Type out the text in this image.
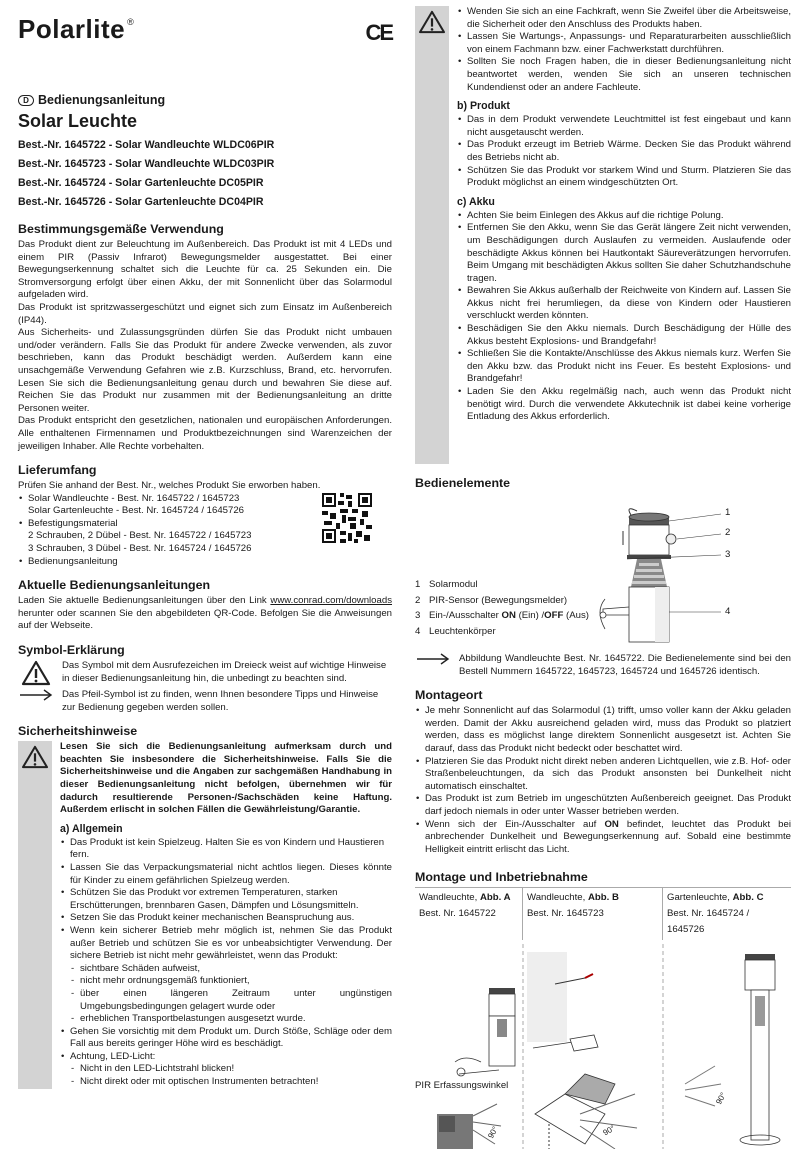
Polarlite®	CE
D Bedienungsanleitung
Solar Leuchte
Best.-Nr. 1645722 - Solar Wandleuchte WLDC06PIR
Best.-Nr. 1645723 - Solar Wandleuchte WLDC03PIR
Best.-Nr. 1645724 - Solar Gartenleuchte DC05PIR
Best.-Nr. 1645726 - Solar Gartenleuchte DC04PIR
Bestimmungsgemäße Verwendung

Das Produkt dient zur Beleuchtung im Außenbereich. Das Produkt ist mit 4 LEDs und einem PIR (Passiv Infrarot) Bewegungsmelder ausgestattet. Bei einer Bewegungserkennung schaltet sich die Leuchte für ca. 25 Sekunden ein. Die Stromversorgung erfolgt über einen Akku, der mit Sonnenlicht über das Solarmodul aufgeladen wird.

Das Produkt ist spritzwassergeschützt und eignet sich zum Einsatz im Außenbereich (IP44).

Aus Sicherheits- und Zulassungsgründen dürfen Sie das Produkt nicht umbauen und/oder verändern. Falls Sie das Produkt für andere Zwecke verwenden, als zuvor beschrieben, kann das Produkt beschädigt werden. Außerdem kann eine unsachgemäße Verwendung Gefahren wie z.B. Kurzschluss, Brand, etc. hervorrufen. Lesen Sie sich die Bedienungsanleitung genau durch und bewahren Sie diese auf. Reichen Sie das Produkt nur zusammen mit der Bedienungsanleitung an dritte Personen weiter.

Das Produkt entspricht den gesetzlichen, nationalen und europäischen Anforderungen. Alle enthaltenen Firmennamen und Produktbezeichnungen sind Warenzeichen der jeweiligen Inhaber. Alle Rechte vorbehalten.

Lieferumfang

Prüfen Sie anhand der Best. Nr., welches Produkt Sie erworben haben.

• Solar Wandleuchte - Best. Nr. 1645722 / 1645723
Solar Gartenleuchte - Best. Nr. 1645724 / 1645726
• Befestigungsmaterial
2 Schrauben, 2 Dübel - Best. Nr. 1645722 / 1645723
3 Schrauben, 3 Dübel - Best. Nr. 1645724 / 1645726
• Bedienungsanleitung
Aktuelle Bedienungsanleitungen

Laden Sie aktuelle Bedienungsanleitungen über den Link www.conrad.com/downloads herunter oder scannen Sie den abgebildeten QR-Code. Befolgen Sie die Anweisungen auf der Webseite.

Symbol-Erklärung

Das Symbol mit dem Ausrufezeichen im Dreieck weist auf wichtige Hinweise in dieser Bedienungsanleitung hin, die unbedingt zu beachten sind.

Das Pfeil-Symbol ist zu finden, wenn Ihnen besondere Tipps und Hinweise zur Bedienung gegeben werden sollen.

Sicherheitshinweise

Lesen Sie sich die Bedienungsanleitung aufmerksam durch und beachten Sie insbesondere die Sicherheitshinweise. Falls Sie die Sicherheitshinweise und die Angaben zur sachgemäßen Handhabung in dieser Bedienungsanleitung nicht befolgen, übernehmen wir für dadurch resultierende Personen-/Sachschäden keine Haftung. Außerdem erlischt in solchen Fällen die Gewährleistung/Garantie.

a) Allgemein
• Das Produkt ist kein Spielzeug. Halten Sie es von Kindern und Haustieren fern.
• Lassen Sie das Verpackungsmaterial nicht achtlos liegen. Dieses könnte für Kinder zu einem gefährlichen Spielzeug werden.
• Schützen Sie das Produkt vor extremen Temperaturen, starken Erschütterungen, brennbaren Gasen, Dämpfen und Lösungsmitteln.
• Setzen Sie das Produkt keiner mechanischen Beanspruchung aus.
• Wenn kein sicherer Betrieb mehr möglich ist, nehmen Sie das Produkt außer Betrieb und schützen Sie es vor unbeabsichtigter Verwendung. Der sichere Betrieb ist nicht mehr gewährleistet, wenn das Produkt:
- sichtbare Schäden aufweist,
- nicht mehr ordnungsgemäß funktioniert,
- über einen längeren Zeitraum unter ungünstigen Umgebungsbedingungen gelagert wurde oder
- erheblichen Transportbelastungen ausgesetzt wurde.
• Gehen Sie vorsichtig mit dem Produkt um. Durch Stöße, Schläge oder dem Fall aus bereits geringer Höhe wird es beschädigt.
• Achtung, LED-Licht:
- Nicht in den LED-Lichtstrahl blicken!
- Nicht direkt oder mit optischen Instrumenten betrachten!
• Wenden Sie sich an eine Fachkraft, wenn Sie Zweifel über die Arbeitsweise, die Sicherheit oder den Anschluss des Produkts haben.
• Lassen Sie Wartungs-, Anpassungs- und Reparaturarbeiten ausschließlich von einem Fachmann bzw. einer Fachwerkstatt durchführen.
• Sollten Sie noch Fragen haben, die in dieser Bedienungsanleitung nicht beantwortet werden, wenden Sie sich an unseren technischen Kundendienst oder an andere Fachleute.
b) Produkt
• Das in dem Produkt verwendete Leuchtmittel ist fest eingebaut und kann nicht ausgetauscht werden.
• Das Produkt erzeugt im Betrieb Wärme. Decken Sie das Produkt während des Betriebs nicht ab.
• Schützen Sie das Produkt vor starkem Wind und Sturm. Platzieren Sie das Produkt möglichst an einem windgeschützten Ort.
c) Akku
• Achten Sie beim Einlegen des Akkus auf die richtige Polung.
• Entfernen Sie den Akku, wenn Sie das Gerät längere Zeit nicht verwenden, um Beschädigungen durch Auslaufen zu vermeiden. Auslaufende oder beschädigte Akkus können bei Hautkontakt Säureverätzungen hervorrufen. Beim Umgang mit beschädigten Akkus sollten Sie daher Schutzhandschuhe tragen.
• Bewahren Sie Akkus außerhalb der Reichweite von Kindern auf. Lassen Sie Akkus nicht frei herumliegen, da diese von Kindern oder Haustieren verschluckt werden könnten.
• Beschädigen Sie den Akku niemals. Durch Beschädigung der Hülle des Akkus besteht Explosions- und Brandgefahr!
• Schließen Sie die Kontakte/Anschlüsse des Akkus niemals kurz. Werfen Sie den Akku bzw. das Produkt nicht ins Feuer. Es besteht Explosions- und Brandgefahr!
• Laden Sie den Akku regelmäßig nach, auch wenn das Produkt nicht benötigt wird. Durch die verwendete Akkutechnik ist dabei keine vorherige Entladung des Akkus erforderlich.
Bedienelemente
1
2
3
4
1 Solarmodul
2 PIR-Sensor (Bewegungsmelder)
3 Ein-/Ausschalter ON (Ein) /OFF (Aus)
4 Leuchtenkörper

Abbildung Wandleuchte Best. Nr. 1645722. Die Bedienelemente sind bei den Bestell Nummern 1645722, 1645723, 1645724 und 1645726 identisch.

Montageort
• Je mehr Sonnenlicht auf das Solarmodul (1) trifft, umso voller kann der Akku geladen werden. Damit der Akku ausreichend geladen wird, muss das Produkt so platziert werden, dass es möglichst lange direktem Sonnenlicht ausgesetzt ist. Achten Sie darauf, dass das Produkt nicht bedeckt oder beschattet wird.
• Platzieren Sie das Produkt nicht direkt neben anderen Lichtquellen, wie z.B. Hof- oder Straßenbeleuchtungen, da sich das Produkt ansonsten bei Dunkelheit nicht automatisch einschaltet.
• Das Produkt ist zum Betrieb im ungeschützten Außenbereich geeignet. Das Produkt darf jedoch niemals in oder unter Wasser betrieben werden.
• Wenn sich der Ein-/Ausschalter auf ON befindet, leuchtet das Produkt bei anbrechender Dunkelheit und Bewegungserkennung auf. Sobald eine bestimmte Helligkeit eintritt erlischt das Licht.
Montage und Inbetriebnahme
Wandleuchte, Abb. A
Best. Nr. 1645722
Wandleuchte, Abb. B
Best. Nr. 1645723
Gartenleuchte, Abb. C
Best. Nr. 1645724 / 1645726
PIR Erfassungswinkel
90°	90°
90°
